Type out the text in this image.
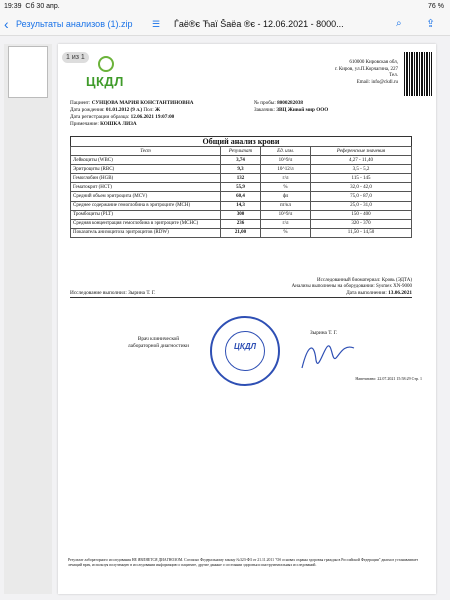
19:39 Сб 30 апр.	76 %
‹ Результаты анализов (1).zip ☰ Ѓаё®є Ћаї Šаёа ®є - 12.06.2021 - 8000...	⌕ ⇪
1 из 1
ЦКДЛ
610000 Кировская обл,
г. Киров, ул.П.Корчагина, 227
Тел.
Email: info@ckdl.ru
Пациент: СУНЦОВА МАРИЯ КОНСТАНТИНОВНА
Дата рождения: 01.01.2012 (9 л.) Пол: Ж
Дата регистрации образца: 12.06.2021 19:07:00
Примечание: КОШКА ЛИЗА
№ пробы: 8000282038
Заказчик: ЗВЦ Живой мир ООО
Общий анализ крови
Тест	Результат	Ед. изм.	Референсные значения
Лейкоциты (WBC)	3,74	10^9/л	4,27 - 11,40
Эритроциты (RBC)	9,3	10^12/л	3,5 - 5,2
Гемоглобин (HGB)	132	г/л	115 - 145
Гематокрит (HCT)	55,9	%	32,0 - 42,0
Средний объем эритроцита (MCV)	60,4	фл	75,0 - 87,0
Среднее содержание гемоглобина в эритроците (MCH)	14,3	пг/кл	25,0 - 31,0
Тромбоциты (PLT)	300	10^9/л	150 - 400
Средняя концентрация гемоглобина в эритроците (MCHC)	236	г/л	320 - 370
Показатель анизоцитоза эритроцитов (RDW)	21,00	%	11,50 - 14,50
Исследованный биоматериал: Кровь (ЭДТА)
Анализы выполнены на оборудовании: Sysmex XN-9000
Исследование выполнил: Зырина Т. Г.	Дата выполнения: 13.06.2021
Врач клинической
лабораторной диагностики	ЦКДЛ
Зырина Т. Г.
Напечатано: 22.07.2021 15:58:29 Стр. 1
Результат лабораторного исследования НЕ ЯВЛЯЕТСЯ ДИАГНОЗОМ. Согласно Федеральному закону №323-ФЗ от 21.11.2011 "Об основах охраны здоровья граждан в Российской Федерации" диагноз устанавливает лечащий врач, используя полученную в исследовании информацию о пациенте, другие данные о состоянии здоровья и инструментальных исследований.
